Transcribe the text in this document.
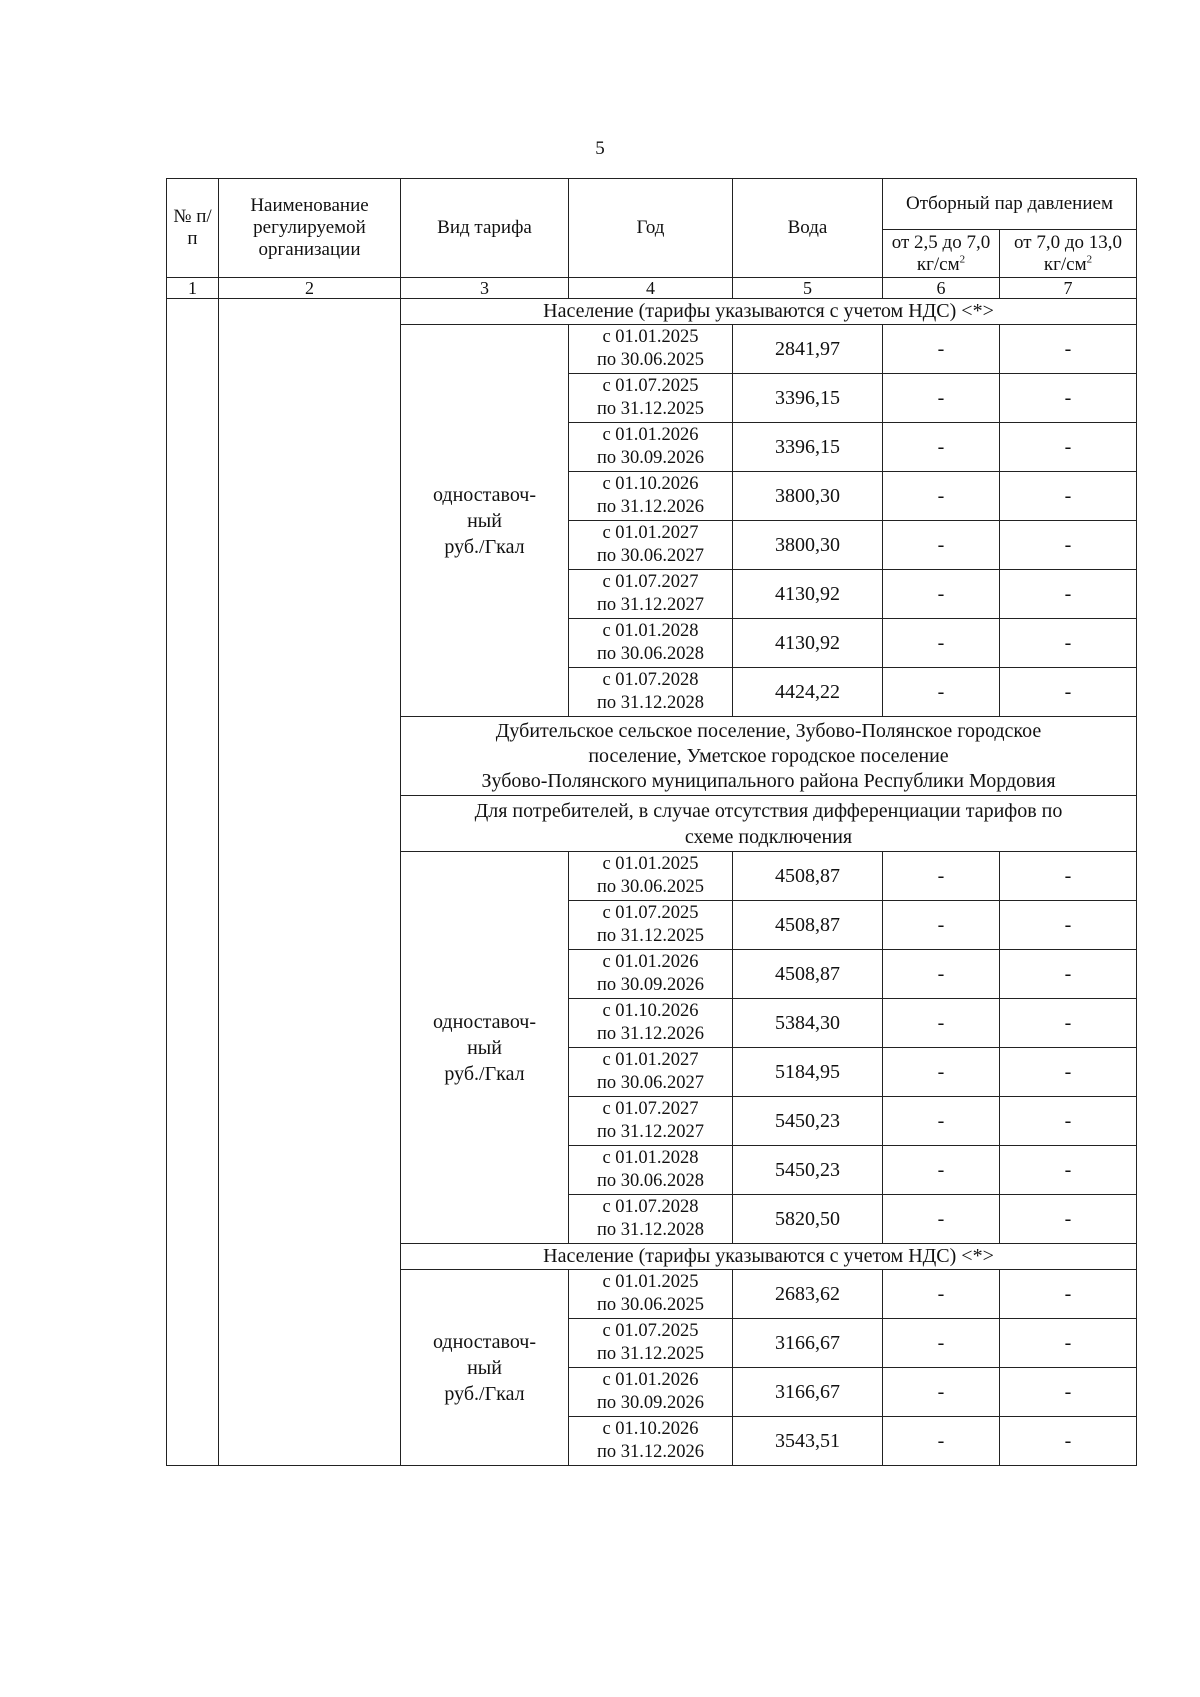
5
№ п/п	Наименование регулируемой организации	Вид тарифа	Год	Вода	Отборный пар давлением	
					от 2,5 до 7,0 $кг/см^2$	от 7,0 до 13,0 $кг/см^2$
1	2	3	4	5	6	7
		Население (тарифы указываются с учетом НДС) <*>				
		одноставоч-
ный
руб./Гкал	с 01.01.2025
по 30.06.2025	2841,97	-	-
			с 01.07.2025
по 31.12.2025	3396,15	-	-
			с 01.01.2026
по 30.09.2026	3396,15	-	-
			с 01.10.2026
по 31.12.2026	3800,30	-	-
			с 01.01.2027
по 30.06.2027	3800,30	-	-
			с 01.07.2027
по 31.12.2027	4130,92	-	-
			с 01.01.2028
по 30.06.2028	4130,92	-	-
			с 01.07.2028
по 31.12.2028	4424,22	-	-
		Дубительское сельское поселение, Зубово-Полянское городское
поселение, Уметское городское поселение
Зубово-Полянского муниципального района Республики Мордовия				
		Для потребителей, в случае отсутствия дифференциации тарифов по
схеме подключения				
		одноставоч-
ный
руб./Гкал	с 01.01.2025
по 30.06.2025	4508,87	-	-
			с 01.07.2025
по 31.12.2025	4508,87	-	-
			с 01.01.2026
по 30.09.2026	4508,87	-	-
			с 01.10.2026
по 31.12.2026	5384,30	-	-
			с 01.01.2027
по 30.06.2027	5184,95	-	-
			с 01.07.2027
по 31.12.2027	5450,23	-	-
			с 01.01.2028
по 30.06.2028	5450,23	-	-
			с 01.07.2028
по 31.12.2028	5820,50	-	-
		Население (тарифы указываются с учетом НДС) <*>				
		одноставоч-
ный
руб./Гкал	с 01.01.2025
по 30.06.2025	2683,62	-	-
			с 01.07.2025
по 31.12.2025	3166,67	-	-
			с 01.01.2026
по 30.09.2026	3166,67	-	-
			с 01.10.2026
по 31.12.2026	3543,51	-	-
